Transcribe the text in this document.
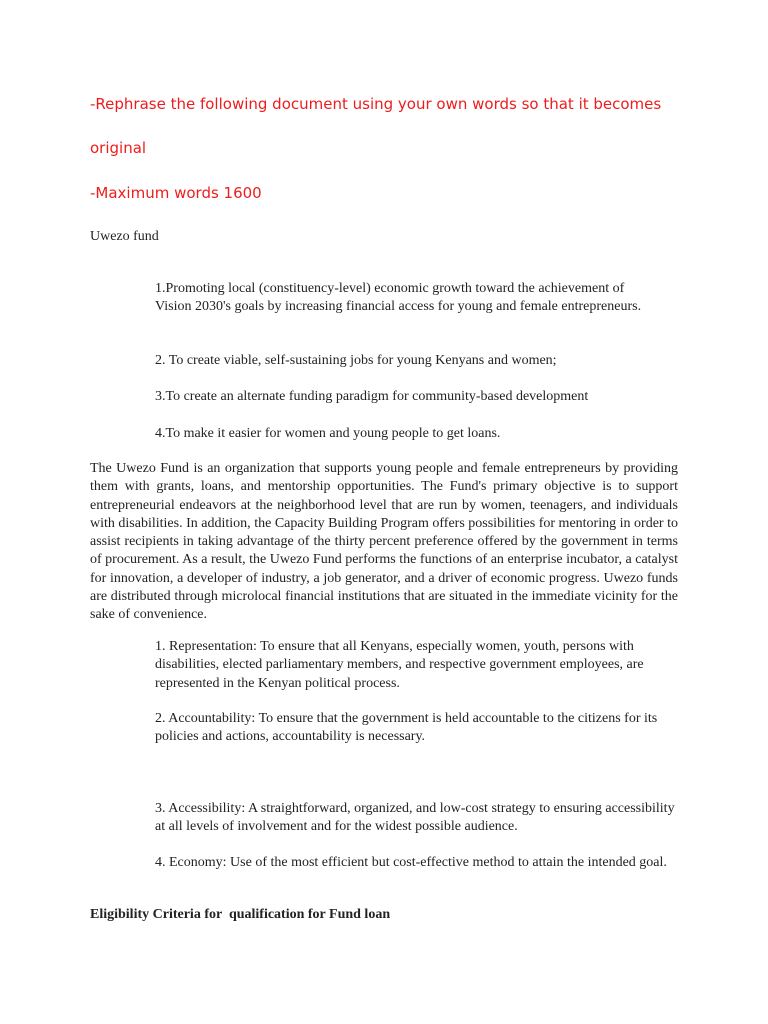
-Rephrase the following document using your own words so that it becomes
original
-Maximum words 1600
Uwezo fund
1.Promoting local (constituency-level) economic growth toward the achievement of Vision 2030's goals by increasing financial access for young and female entrepreneurs.
2. To create viable, self-sustaining jobs for young Kenyans and women;
3.To create an alternate funding paradigm for community-based development
4.To make it easier for women and young people to get loans.
The Uwezo Fund is an organization that supports young people and female entrepreneurs by providing them with grants, loans, and mentorship opportunities. The Fund's primary objective is to support entrepreneurial endeavors at the neighborhood level that are run by women, teenagers, and individuals with disabilities. In addition, the Capacity Building Program offers possibilities for mentoring in order to assist recipients in taking advantage of the thirty percent preference offered by the government in terms of procurement. As a result, the Uwezo Fund performs the functions of an enterprise incubator, a catalyst for innovation, a developer of industry, a job generator, and a driver of economic progress. Uwezo funds are distributed through microlocal financial institutions that are situated in the immediate vicinity for the sake of convenience.
1. Representation: To ensure that all Kenyans, especially women, youth, persons with disabilities, elected parliamentary members, and respective government employees, are represented in the Kenyan political process.
2. Accountability: To ensure that the government is held accountable to the citizens for its policies and actions, accountability is necessary.
3. Accessibility: A straightforward, organized, and low-cost strategy to ensuring accessibility at all levels of involvement and for the widest possible audience.
4. Economy: Use of the most efficient but cost-effective method to attain the intended goal.
Eligibility Criteria for  qualification for Fund loan
